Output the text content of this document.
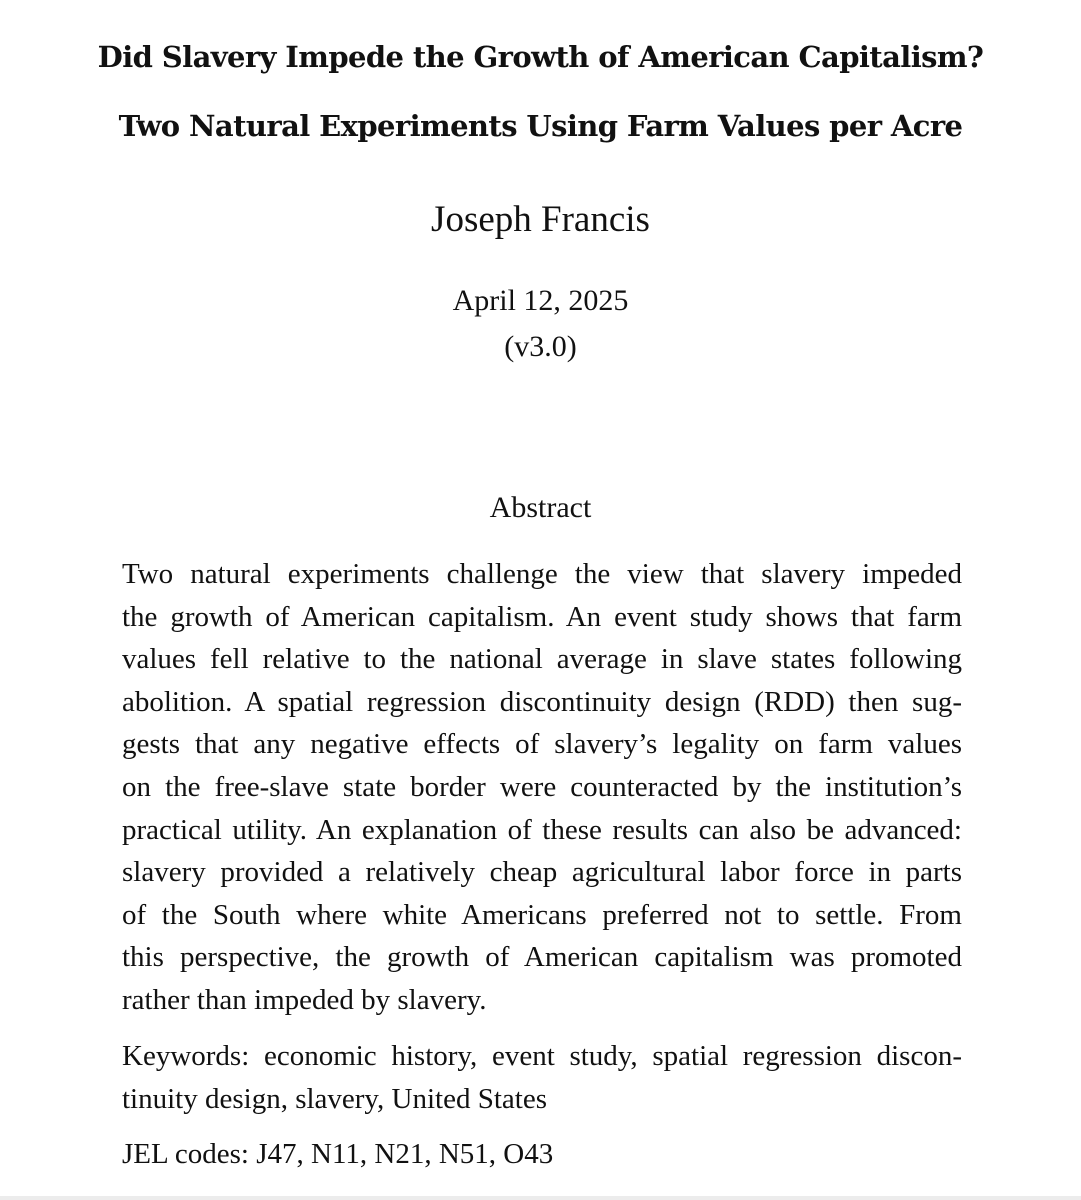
Did Slavery Impede the Growth of American Capitalism?
Two Natural Experiments Using Farm Values per Acre
Joseph Francis
April 12, 2025
(v3.0)
Abstract
Two natural experiments challenge the view that slavery impeded
the growth of American capitalism. An event study shows that farm
values fell relative to the national average in slave states following
abolition. A spatial regression discontinuity design (RDD) then sug-
gests that any negative effects of slavery’s legality on farm values
on the free-slave state border were counteracted by the institution’s
practical utility. An explanation of these results can also be advanced:
slavery provided a relatively cheap agricultural labor force in parts
of the South where white Americans preferred not to settle. From
this perspective, the growth of American capitalism was promoted
rather than impeded by slavery.
Keywords: economic history, event study, spatial regression discon-
tinuity design, slavery, United States
JEL codes: J47, N11, N21, N51, O43
